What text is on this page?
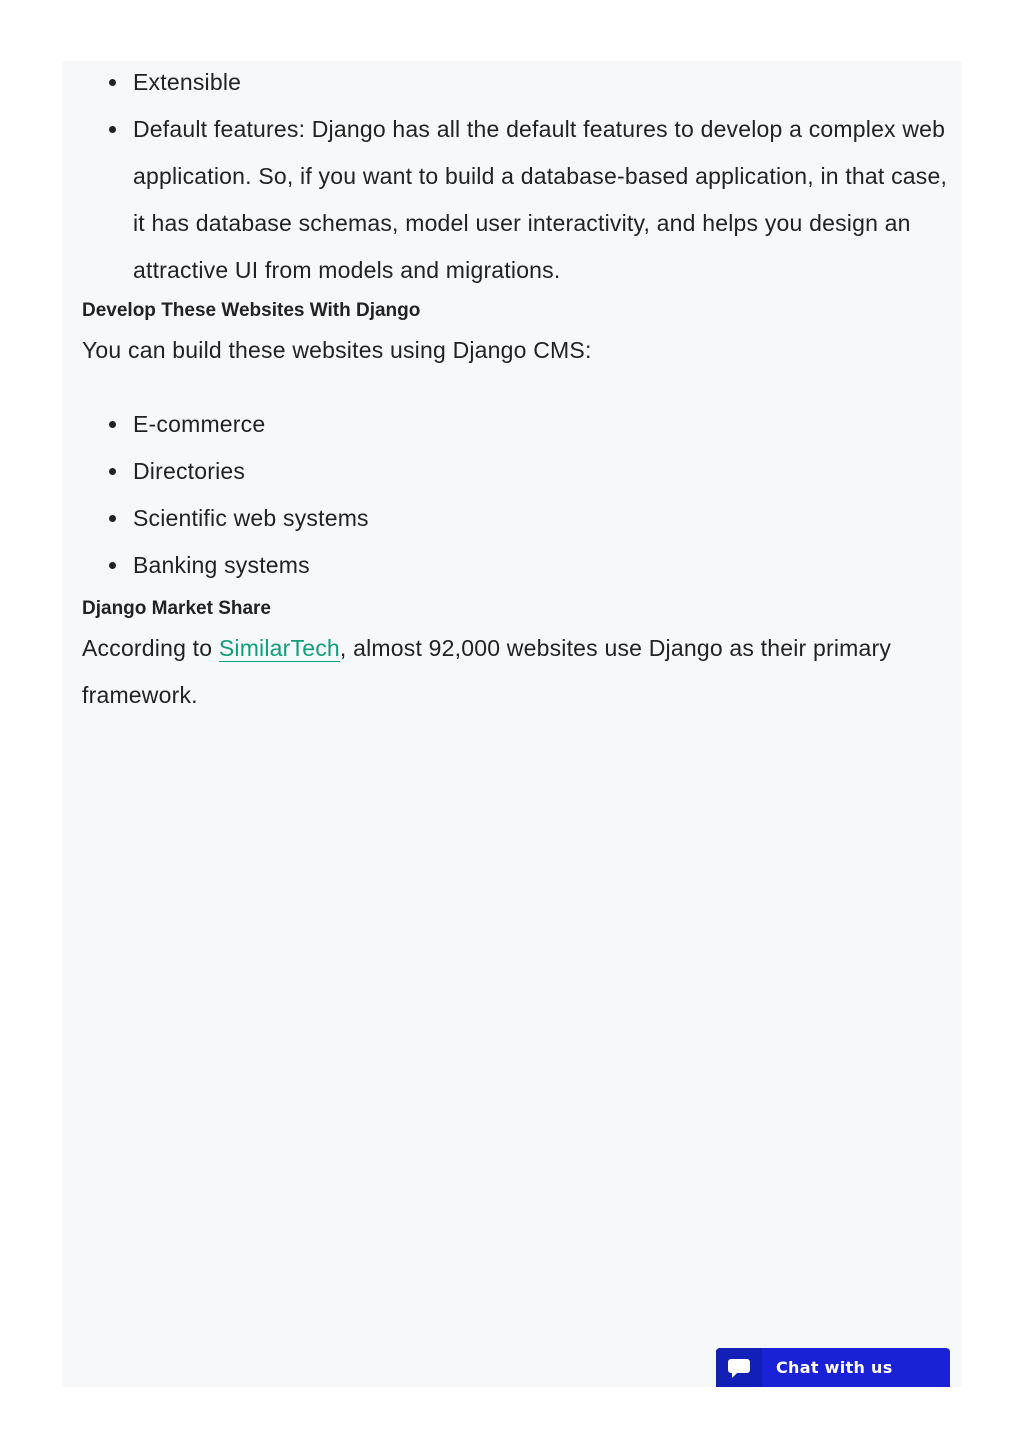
Extensible
Default features: Django has all the default features to develop a complex web application. So, if you want to build a database-based application, in that case, it has database schemas, model user interactivity, and helps you design an attractive UI from models and migrations.
Develop These Websites With Django

You can build these websites using Django CMS:

E-commerce
Directories
Scientific web systems
Banking systems
Django Market Share

According to SimilarTech, almost 92,000 websites use Django as their primary framework.

Chat with us
